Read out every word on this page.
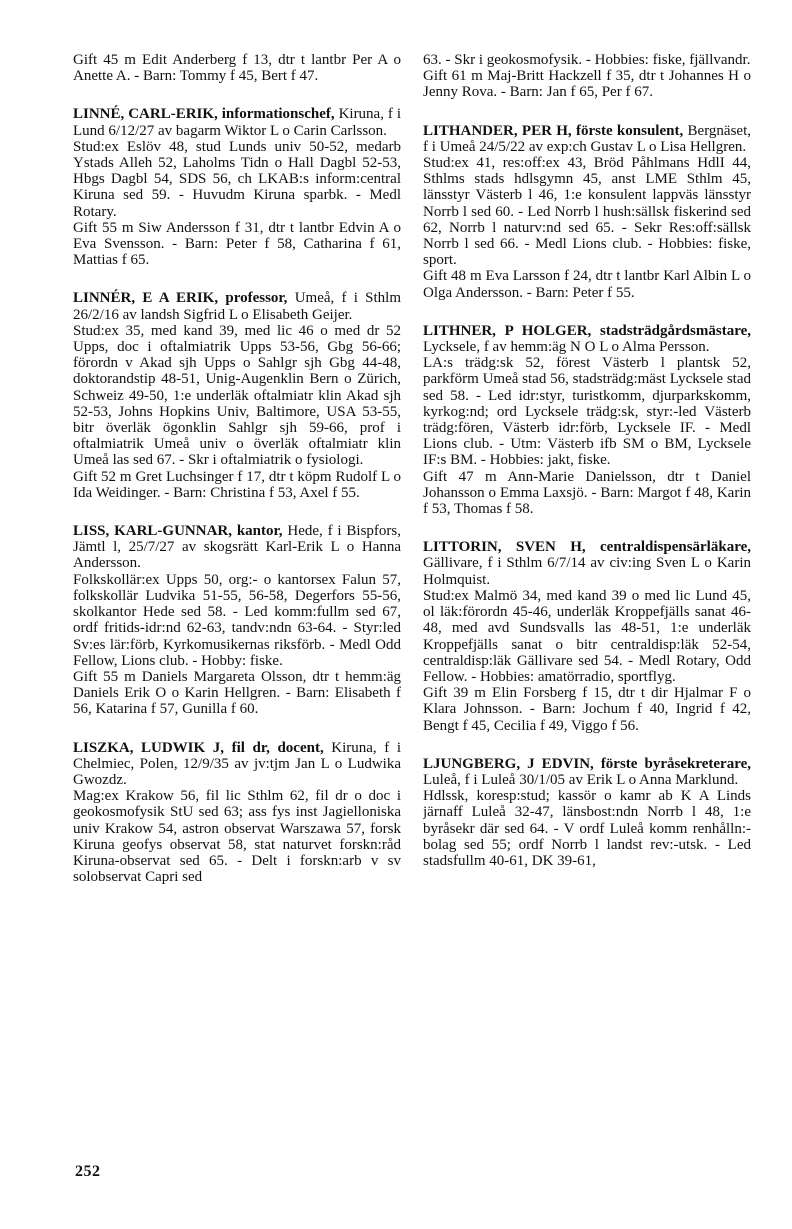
Gift 45 m Edit Anderberg f 13, dtr t lantbr Per A o Anette A. - Barn: Tommy f 45, Bert f 47.

LINNÉ, CARL-ERIK, informationschef, Kiruna, f i Lund 6/12/27 av bagarm Wiktor L o Carin Carlsson.

Stud:ex Eslöv 48, stud Lunds univ 50-52, medarb Ystads Alleh 52, Laholms Tidn o Hall Dagbl 52-53, Hbgs Dagbl 54, SDS 56, ch LKAB:s inform:central Kiruna sed 59. - Huvudm Kiruna sparbk. - Medl Rotary.

Gift 55 m Siw Andersson f 31, dtr t lantbr Edvin A o Eva Svensson. - Barn: Peter f 58, Catharina f 61, Mattias f 65.

LINNÉR, E A ERIK, professor, Umeå, f i Sthlm 26/2/16 av landsh Sigfrid L o Elisabeth Geijer.

Stud:ex 35, med kand 39, med lic 46 o med dr 52 Upps, doc i oftalmiatrik Upps 53-56, Gbg 56-66; förordn v Akad sjh Upps o Sahlgr sjh Gbg 44-48, doktorandstip 48-51, Unig-Augenklin Bern o Zürich, Schweiz 49-50, 1:e underläk oftalmiatr klin Akad sjh 52-53, Johns Hopkins Univ, Baltimore, USA 53-55, bitr överläk ögonklin Sahlgr sjh 59-66, prof i oftalmiatrik Umeå univ o överläk oftalmiatr klin Umeå las sed 67. - Skr i oftalmiatrik o fysiologi.

Gift 52 m Gret Luchsinger f 17, dtr t köpm Rudolf L o Ida Weidinger. - Barn: Christina f 53, Axel f 55.

LISS, KARL-GUNNAR, kantor, Hede, f i Bispfors, Jämtl l, 25/7/27 av skogsrätt Karl-Erik L o Hanna Andersson.

Folkskollär:ex Upps 50, org:- o kantorsex Falun 57, folkskollär Ludvika 51-55, 56-58, Degerfors 55-56, skolkantor Hede sed 58. - Led komm:fullm sed 67, ordf fritids-idr:nd 62-63, tandv:ndn 63-64. - Styr:led Sv:es lär:förb, Kyrkomusikernas riksförb. - Medl Odd Fellow, Lions club. - Hobby: fiske.

Gift 55 m Daniels Margareta Olsson, dtr t hemm:äg Daniels Erik O o Karin Hellgren. - Barn: Elisabeth f 56, Katarina f 57, Gunilla f 60.

LISZKA, LUDWIK J, fil dr, docent, Kiruna, f i Chelmiec, Polen, 12/9/35 av jv:tjm Jan L o Ludwika Gwozdz.

Mag:ex Krakow 56, fil lic Sthlm 62, fil dr o doc i geokosmofysik StU sed 63; ass fys inst Jagielloniska univ Krakow 54, astron observat Warszawa 57, forsk Kiruna geofys observat 58, stat naturvet forskn:råd Kiruna-observat sed 65. - Delt i forskn:arb v sv solobservat Capri sed

63. - Skr i geokosmofysik. - Hobbies: fiske, fjällvandr.

Gift 61 m Maj-Britt Hackzell f 35, dtr t Johannes H o Jenny Rova. - Barn: Jan f 65, Per f 67.

LITHANDER, PER H, förste konsulent, Bergnäset, f i Umeå 24/5/22 av exp:ch Gustav L o Lisa Hellgren.

Stud:ex 41, res:off:ex 43, Bröd Påhlmans HdlI 44, Sthlms stads hdlsgymn 45, anst LME Sthlm 45, länsstyr Västerb l 46, 1:e konsulent lappväs länsstyr Norrb l sed 60. - Led Norrb l hush:sällsk fiskerind sed 62, Norrb l naturv:nd sed 65. - Sekr Res:off:sällsk Norrb l sed 66. - Medl Lions club. - Hobbies: fiske, sport.

Gift 48 m Eva Larsson f 24, dtr t lantbr Karl Albin L o Olga Andersson. - Barn: Peter f 55.

LITHNER, P HOLGER, stadsträdgårdsmästare, Lycksele, f av hemm:äg N O L o Alma Persson.

LA:s trädg:sk 52, förest Västerb l plantsk 52, parkförm Umeå stad 56, stadsträdg:mäst Lycksele stad sed 58. - Led idr:styr, turistkomm, djurparkskomm, kyrkog:nd; ord Lycksele trädg:sk, styr:-led Västerb trädg:fören, Västerb idr:förb, Lycksele IF. - Medl Lions club. - Utm: Västerb ifb SM o BM, Lycksele IF:s BM. - Hobbies: jakt, fiske.

Gift 47 m Ann-Marie Danielsson, dtr t Daniel Johansson o Emma Laxsjö. - Barn: Margot f 48, Karin f 53, Thomas f 58.

LITTORIN, SVEN H, centraldispensärläkare, Gällivare, f i Sthlm 6/7/14 av civ:ing Sven L o Karin Holmquist.

Stud:ex Malmö 34, med kand 39 o med lic Lund 45, ol läk:förordn 45-46, underläk Kroppefjälls sanat 46-48, med avd Sundsvalls las 48-51, 1:e underläk Kroppefjälls sanat o bitr centraldisp:läk 52-54, centraldisp:läk Gällivare sed 54. - Medl Rotary, Odd Fellow. - Hobbies: amatörradio, sportflyg.

Gift 39 m Elin Forsberg f 15, dtr t dir Hjalmar F o Klara Johnsson. - Barn: Jochum f 40, Ingrid f 42, Bengt f 45, Cecilia f 49, Viggo f 56.

LJUNGBERG, J EDVIN, förste byråsekreterare, Luleå, f i Luleå 30/1/05 av Erik L o Anna Marklund.

Hdlssk, koresp:stud; kassör o kamr ab K A Linds järnaff Luleå 32-47, länsbost:ndn Norrb l 48, 1:e byråsekr där sed 64. - V ordf Luleå komm renhålln:-bolag sed 55; ordf Norrb l landst rev:-utsk. - Led stadsfullm 40-61, DK 39-61,

252
